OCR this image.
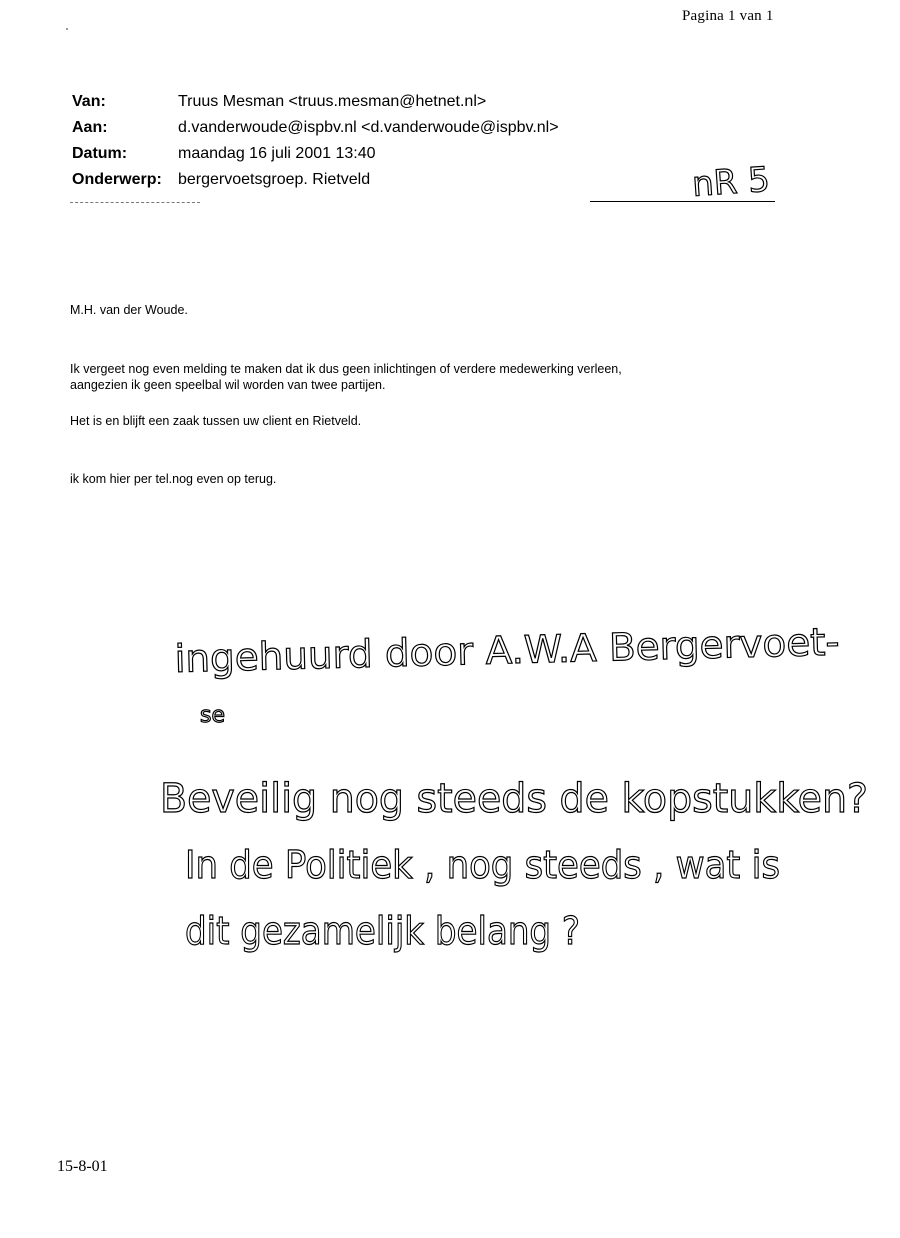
Pagina 1 van 1
Van:	Truus Mesman <truus.mesman@hetnet.nl>
Aan:	d.vanderwoude@ispbv.nl <d.vanderwoude@ispbv.nl>
Datum:	maandag 16 juli 2001 13:40
Onderwerp:	bergervoetsgroep. Rietveld
M.H. van der Woude.
Ik vergeet nog even melding te maken dat ik dus geen inlichtingen of verdere medewerking verleen,
aangezien ik geen speelbal wil worden van twee partijen.
Het is en blijft een zaak tussen uw client en Rietveld.
ik kom hier per tel.nog even op terug.
nR 5
ingehuurd door A.W.A Bergervoet-
se
Beveilig nog steeds de kopstukken?
In de Politiek , nog steeds , wat is
dit gezamelijk belang ?
15-8-01
